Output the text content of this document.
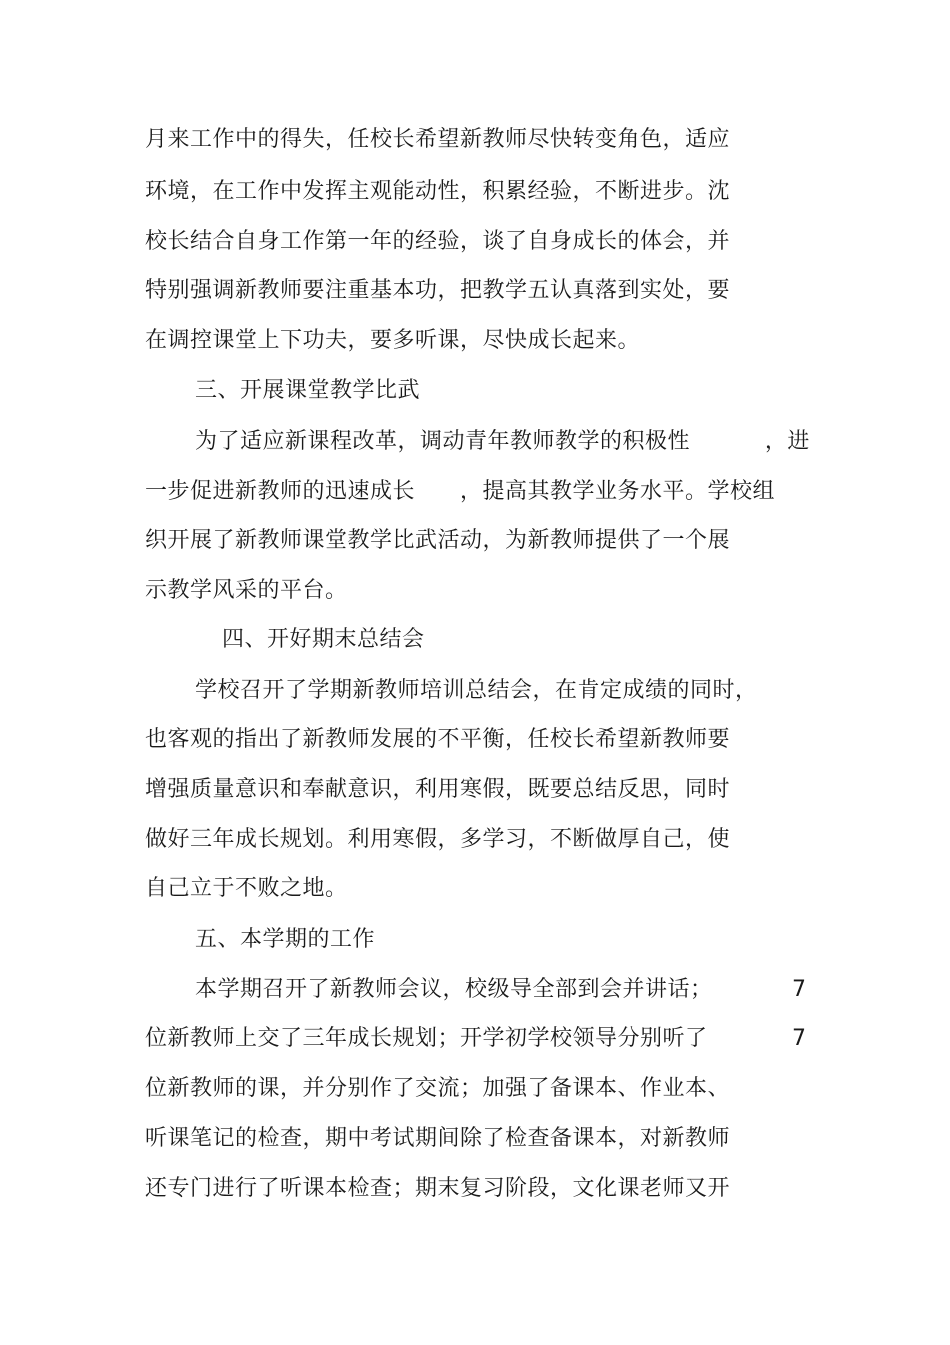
月来工作中的得失，任校长希望新教师尽快转变角色，适应
环境，在工作中发挥主观能动性，积累经验，不断进步。沈
校长结合自身工作第一年的经验，谈了自身成长的体会，并
特别强调新教师要注重基本功，把教学五认真落到实处，要
在调控课堂上下功夫，要多听课，尽快成长起来。
三、开展课堂教学比武
为了适应新课程改革，调动青年教师教学的积极性          ，进
一步促进新教师的迅速成长      ，提高其教学业务水平。学校组
织开展了新教师课堂教学比武活动，为新教师提供了一个展
示教学风采的平台。
四、开好期末总结会
学校召开了学期新教师培训总结会，在肯定成绩的同时，
也客观的指出了新教师发展的不平衡，任校长希望新教师要
增强质量意识和奉献意识，利用寒假，既要总结反思，同时
做好三年成长规划。利用寒假，多学习，不断做厚自己，使
自己立于不败之地。
五、本学期的工作
本学期召开了新教师会议，校级导全部到会并讲话；	7
位新教师上交了三年成长规划；开学初学校领导分别听了	7
位新教师的课，并分别作了交流；加强了备课本、作业本、
听课笔记的检查，期中考试期间除了检查备课本，对新教师
还专门进行了听课本检查；期末复习阶段，文化课老师又开
